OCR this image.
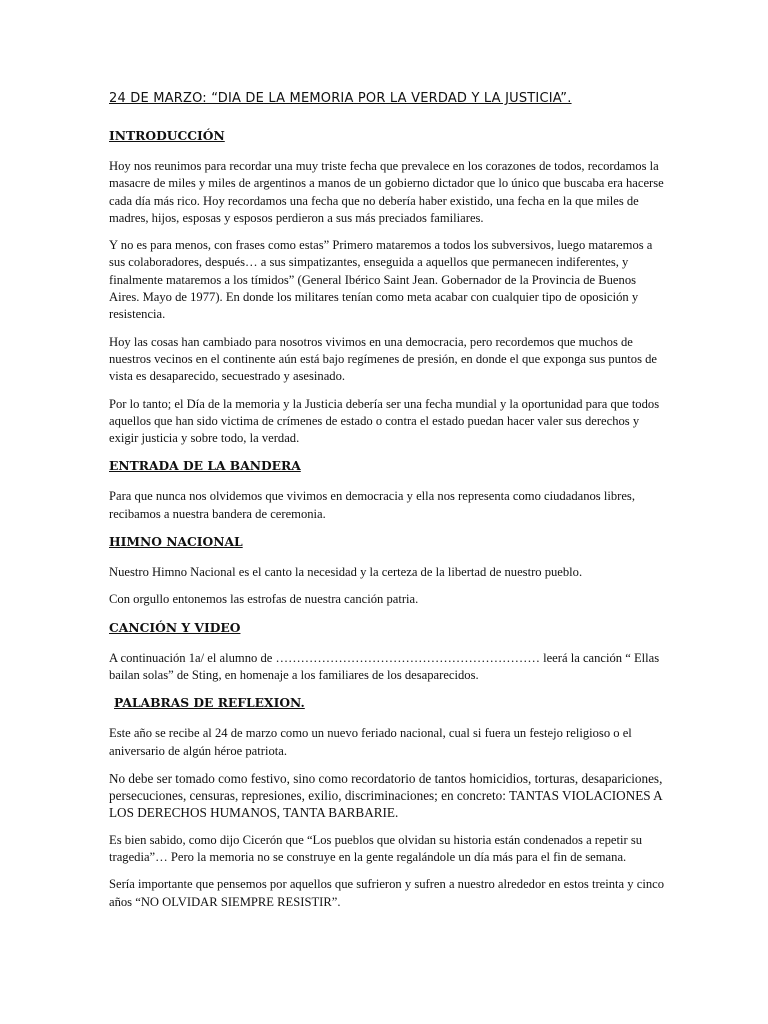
24 DE MARZO: “DIA DE LA MEMORIA POR LA VERDAD Y LA JUSTICIA”.
INTRODUCCIÓN

Hoy nos reunimos para recordar una muy triste fecha que prevalece en los corazones de todos, recordamos la masacre de miles y miles de argentinos a manos de un gobierno dictador que lo único que buscaba era hacerse cada día más rico. Hoy recordamos una fecha que no debería haber existido, una fecha en la que miles de madres, hijos, esposas y esposos perdieron a sus más preciados familiares.

Y no es para menos, con frases como estas” Primero mataremos a todos los subversivos, luego mataremos a sus colaboradores, después… a sus simpatizantes, enseguida a aquellos que permanecen indiferentes, y finalmente mataremos a los tímidos” (General Ibérico Saint Jean. Gobernador de la Provincia de Buenos Aires. Mayo de 1977). En donde los militares tenían como meta acabar con cualquier tipo de oposición y resistencia.

Hoy las cosas han cambiado para nosotros vivimos en una democracia, pero recordemos que muchos de nuestros vecinos en el continente aún está bajo regímenes de presión, en donde el que exponga sus puntos de vista es desaparecido, secuestrado y asesinado.

Por lo tanto; el Día de la memoria y la Justicia debería ser una fecha mundial y la oportunidad para que todos aquellos que han sido victima de crímenes de estado o contra el estado puedan hacer valer sus derechos y exigir justicia y sobre todo, la verdad.

ENTRADA DE LA BANDERA

Para que nunca nos olvidemos que vivimos en democracia y ella nos representa como ciudadanos libres, recibamos a nuestra bandera de ceremonia.

HIMNO NACIONAL

Nuestro Himno Nacional es el canto la necesidad y la certeza de la libertad de nuestro pueblo.

Con orgullo entonemos las estrofas de nuestra canción patria.

CANCIÓN Y VIDEO

A continuación 1a/ el alumno de ……………………………………………………… leerá la canción “ Ellas bailan solas” de Sting, en homenaje a los familiares de los desaparecidos.

PALABRAS DE REFLEXION.

Este año se recibe al 24 de marzo como un nuevo feriado nacional, cual si fuera un festejo religioso o el aniversario de algún héroe patriota.

No debe ser tomado como festivo, sino como recordatorio de tantos homicidios, torturas, desapariciones, persecuciones, censuras, represiones, exilio, discriminaciones; en concreto: TANTAS VIOLACIONES A LOS DERECHOS HUMANOS, TANTA BARBARIE.

Es bien sabido, como dijo Cicerón que “Los pueblos que olvidan su historia están condenados a repetir su tragedia”… Pero la memoria no se construye en la gente regalándole un día más para el fin de semana.

Sería importante que pensemos por aquellos que sufrieron y sufren a nuestro alrededor en estos treinta y cinco años “NO OLVIDAR SIEMPRE RESISTIR”.
